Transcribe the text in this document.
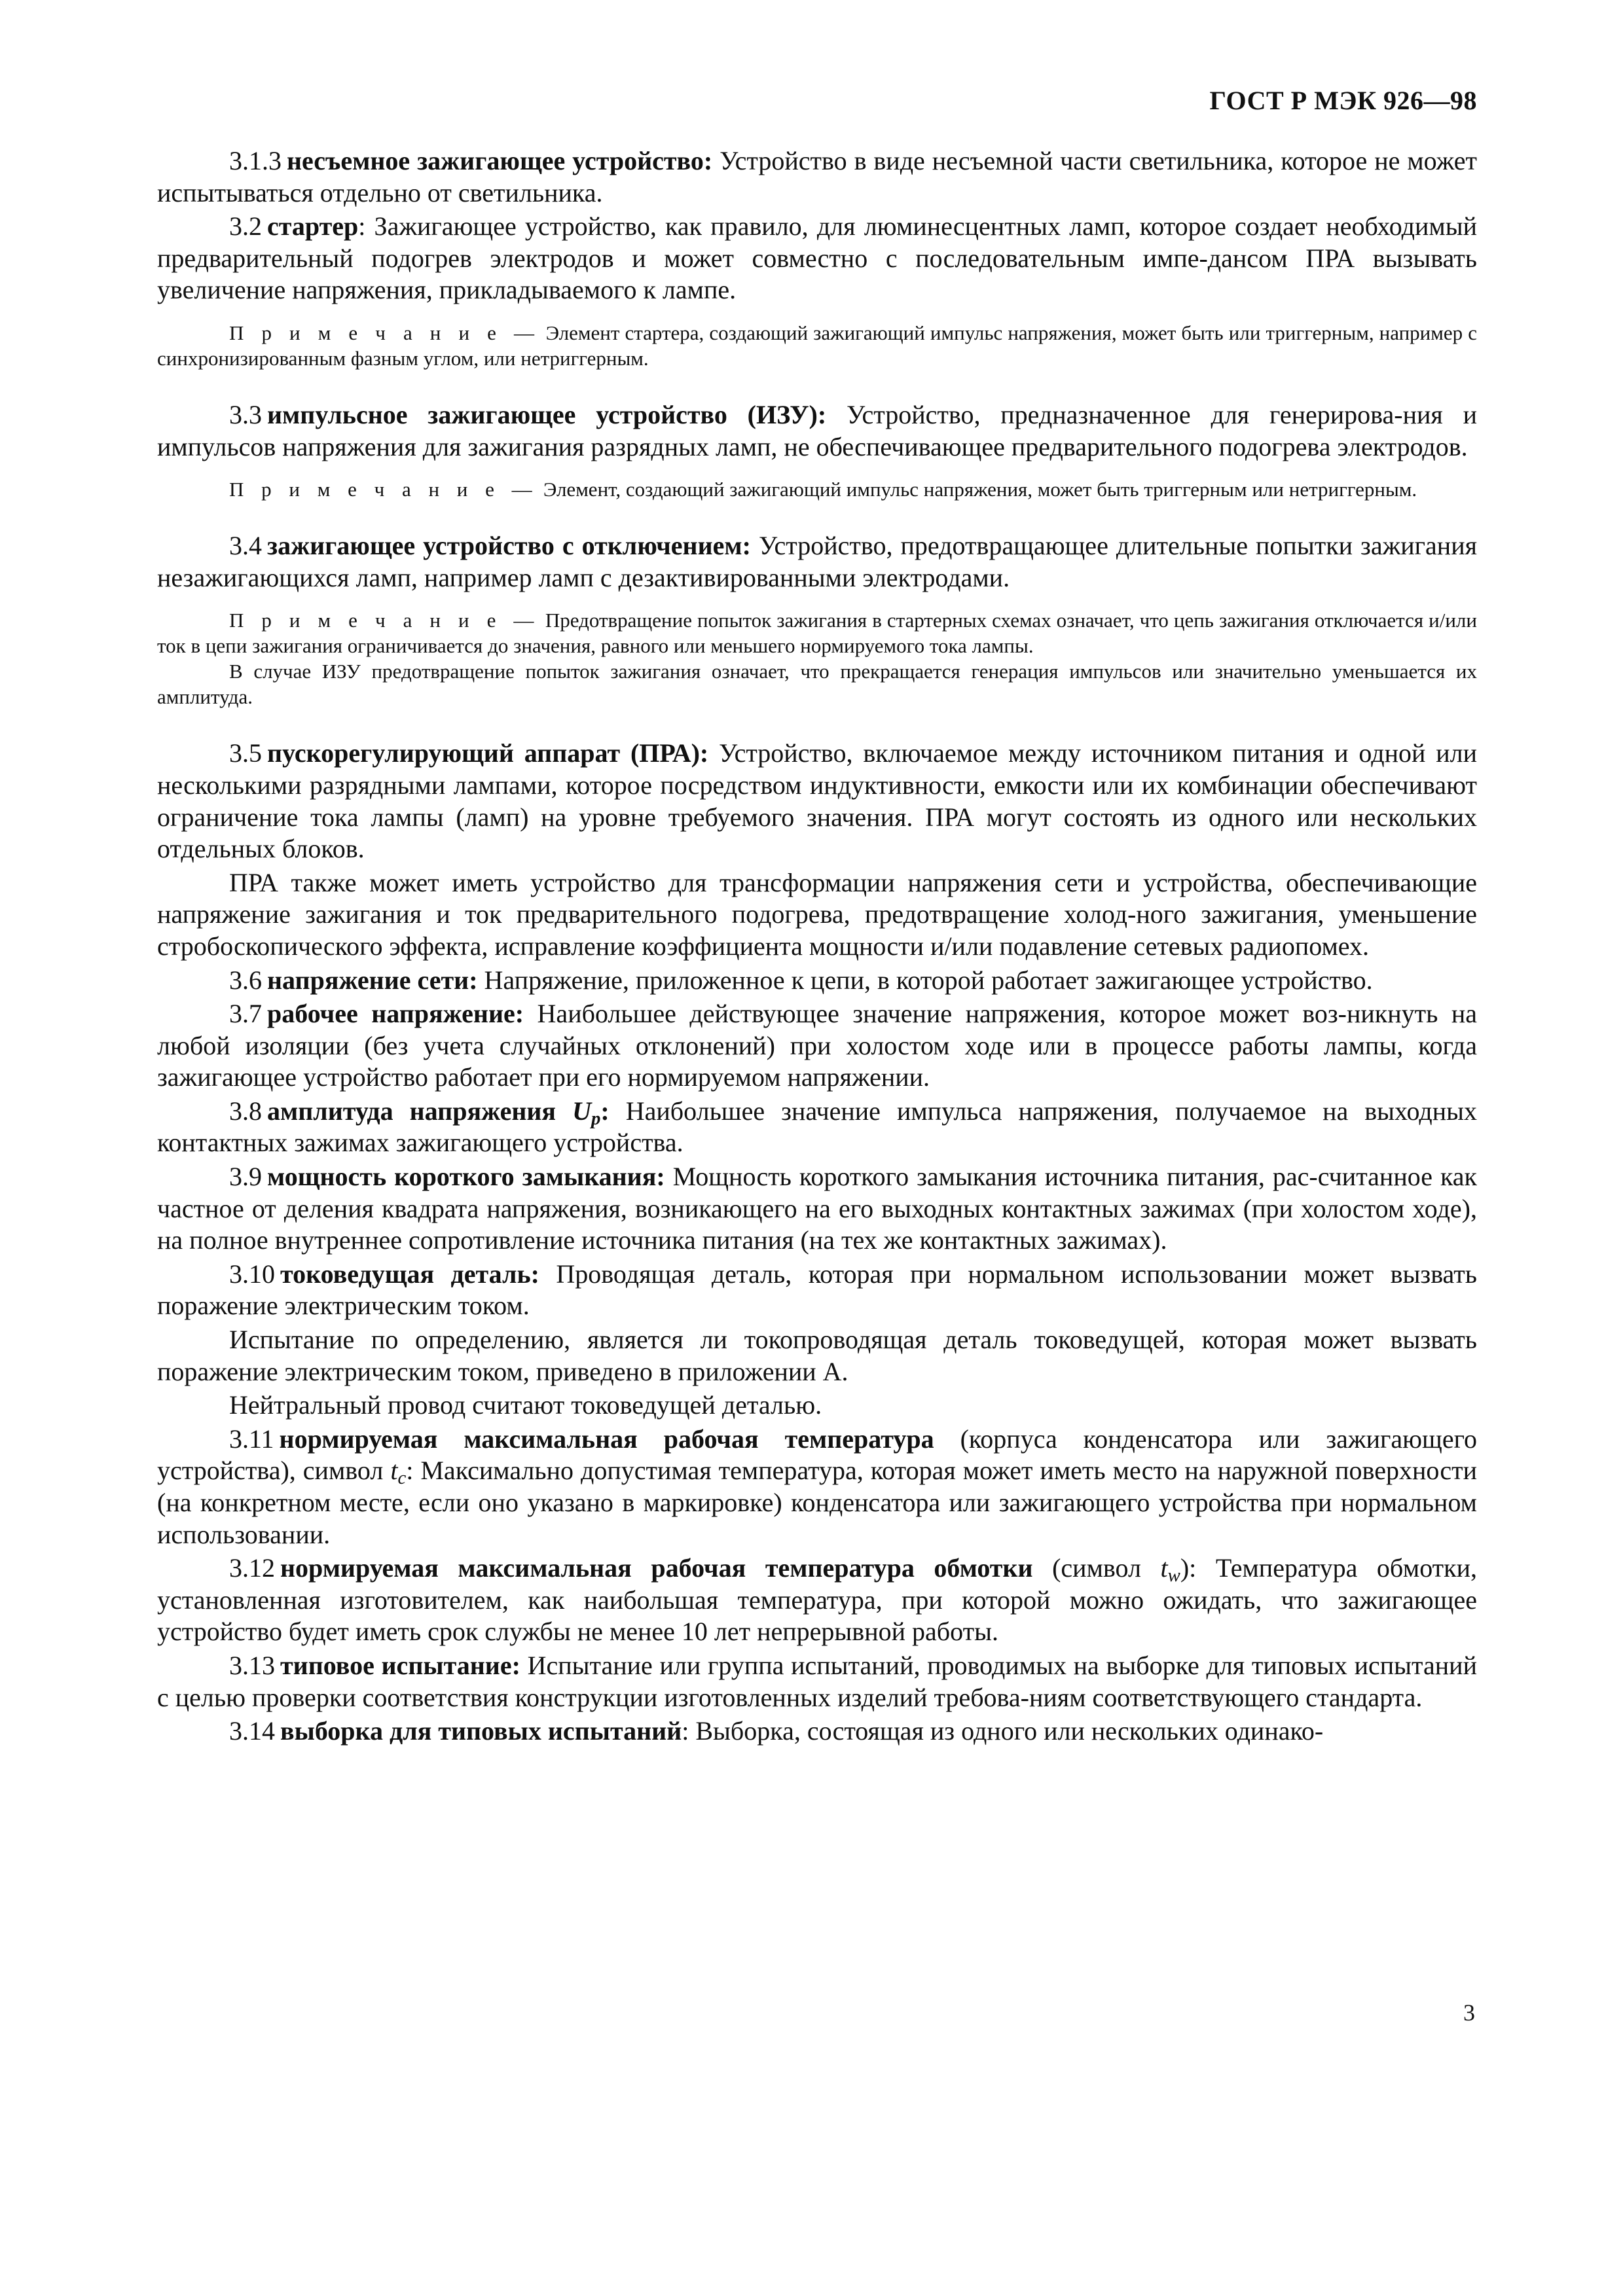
ГОСТ Р МЭК 926—98

3.1.3 несъемное зажигающее устройство: Устройство в виде несъемной части светильника, которое не может испытываться отдельно от светильника.

3.2 стартер: Зажигающее устройство, как правило, для люминесцентных ламп, которое создает необходимый предварительный подогрев электродов и может совместно с последовательным импе-дансом ПРА вызывать увеличение напряжения, прикладываемого к лампе.

П р и м е ч а н и е — Элемент стартера, создающий зажигающий импульс напряжения, может быть или триггерным, например с синхронизированным фазным углом, или нетриггерным.

3.3 импульсное зажигающее устройство (ИЗУ): Устройство, предназначенное для генерирова-ния и импульсов напряжения для зажигания разрядных ламп, не обеспечивающее предварительного подогрева электродов.

П р и м е ч а н и е — Элемент, создающий зажигающий импульс напряжения, может быть триггерным или нетриггерным.

3.4 зажигающее устройство с отключением: Устройство, предотвращающее длительные попытки зажигания незажигающихся ламп, например ламп с дезактивированными электродами.

П р и м е ч а н и е — Предотвращение попыток зажигания в стартерных схемах означает, что цепь зажигания отключается и/или ток в цепи зажигания ограничивается до значения, равного или меньшего нормируемого тока лампы.

В случае ИЗУ предотвращение попыток зажигания означает, что прекращается генерация импульсов или значительно уменьшается их амплитуда.

3.5 пускорегулирующий аппарат (ПРА): Устройство, включаемое между источником питания и одной или несколькими разрядными лампами, которое посредством индуктивности, емкости или их комбинации обеспечивают ограничение тока лампы (ламп) на уровне требуемого значения. ПРА могут состоять из одного или нескольких отдельных блоков.

ПРА также может иметь устройство для трансформации напряжения сети и устройства, обеспечивающие напряжение зажигания и ток предварительного подогрева, предотвращение холод-ного зажигания, уменьшение стробоскопического эффекта, исправление коэффициента мощности и/или подавление сетевых радиопомех.

3.6 напряжение сети: Напряжение, приложенное к цепи, в которой работает зажигающее устройство.

3.7 рабочее напряжение: Наибольшее действующее значение напряжения, которое может воз-никнуть на любой изоляции (без учета случайных отклонений) при холостом ходе или в процессе работы лампы, когда зажигающее устройство работает при его нормируемом напряжении.

3.8 амплитуда напряжения $U_p$: Наибольшее значение импульса напряжения, получаемое на выходных контактных зажимах зажигающего устройства.

3.9 мощность короткого замыкания: Мощность короткого замыкания источника питания, рас-считанное как частное от деления квадрата напряжения, возникающего на его выходных контактных зажимах (при холостом ходе), на полное внутреннее сопротивление источника питания (на тех же контактных зажимах).

3.10 токоведущая деталь: Проводящая деталь, которая при нормальном использовании может вызвать поражение электрическим током.

Испытание по определению, является ли токопроводящая деталь токоведущей, которая может вызвать поражение электрическим током, приведено в приложении А.

Нейтральный провод считают токоведущей деталью.

3.11 нормируемая максимальная рабочая температура (корпуса конденсатора или зажигающего устройства), символ $t_c$: Максимально допустимая температура, которая может иметь место на наружной поверхности (на конкретном месте, если оно указано в маркировке) конденсатора или зажигающего устройства при нормальном использовании.

3.12 нормируемая максимальная рабочая температура обмотки (символ $t_w$): Температура обмотки, установленная изготовителем, как наибольшая температура, при которой можно ожидать, что зажигающее устройство будет иметь срок службы не менее 10 лет непрерывной работы.

3.13 типовое испытание: Испытание или группа испытаний, проводимых на выборке для типовых испытаний с целью проверки соответствия конструкции изготовленных изделий требова-ниям соответствующего стандарта.

3.14 выборка для типовых испытаний: Выборка, состоящая из одного или нескольких одинако-

3
